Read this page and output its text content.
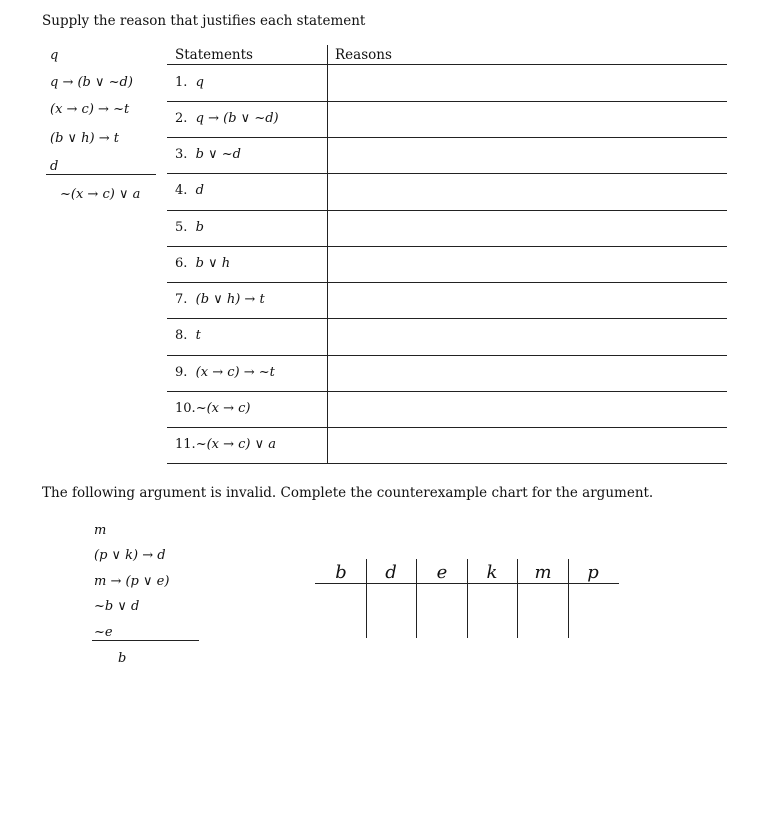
Supply the reason that justifies each statement
q
q → (b ∨ ~d)
(x → c) → ~t
(b ∨ h) → t
d
~(x → c) ∨ a
Statements	Reasons
1. q
2. q → (b ∨ ~d)
3. b ∨ ~d
4. d
5. b
6. b ∨ h
7. (b ∨ h) → t
8. t
9. (x → c) → ~t
10.~(x → c)
11.~(x → c) ∨ a
The following argument is invalid. Complete the counterexample chart for the argument.
m
(p ∨ k) → d
m → (p ∨ e)
~b ∨ d
~e
b
b	d	e	k	m	p
